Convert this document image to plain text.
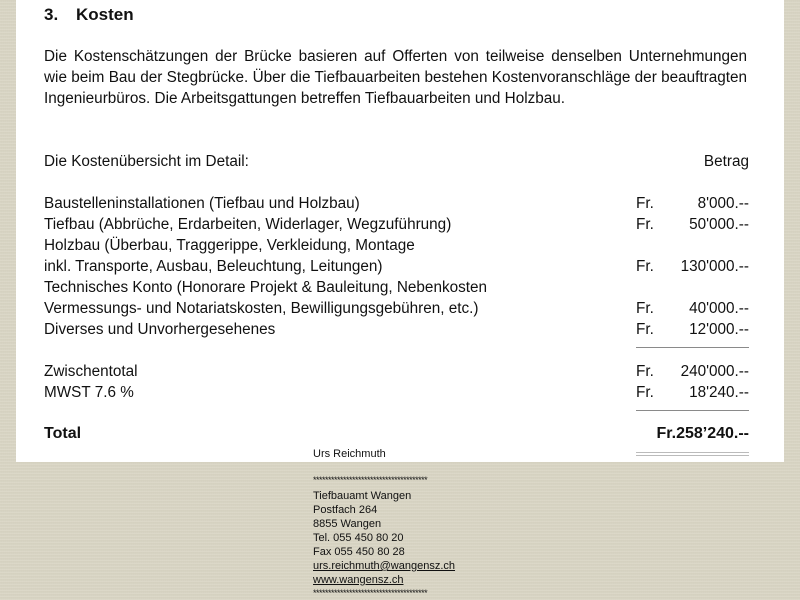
3. Kosten
Die Kostenschätzungen der Brücke basieren auf Offerten von teilweise denselben Unternehmungen wie beim Bau der Stegbrücke. Über die Tiefbauarbeiten bestehen Kostenvoranschläge der beauftragten Ingenieurbüros. Die Arbeitsgattungen betreffen Tiefbauarbeiten und Holzbau.
Die Kostenübersicht im Detail:	Betrag
Baustelleninstallationen (Tiefbau und Holzbau)	Fr.	8'000.--
Tiefbau (Abbrüche, Erdarbeiten, Widerlager, Wegzuführung)	Fr. 50'000.--
Holzbau (Überbau, Traggerippe, Verkleidung, Montage
inkl. Transporte, Ausbau, Beleuchtung, Leitungen)	Fr. 130'000.--
Technisches Konto (Honorare Projekt & Bauleitung, Nebenkosten
Vermessungs- und Notariatskosten, Bewilligungsgebühren, etc.)	Fr. 40'000.--
Diverses und Unvorhergesehenes	Fr. 12'000.--
Zwischentotal	Fr. 240'000.--
MWST 7.6 %	Fr. 18'240.--
Total	Fr.258’240.--
Urs Reichmuth
**************************************
Tiefbauamt Wangen
Postfach 264
8855 Wangen
Tel. 055 450 80 20
Fax 055 450 80 28
urs.reichmuth@wangensz.ch
www.wangensz.ch
**************************************
